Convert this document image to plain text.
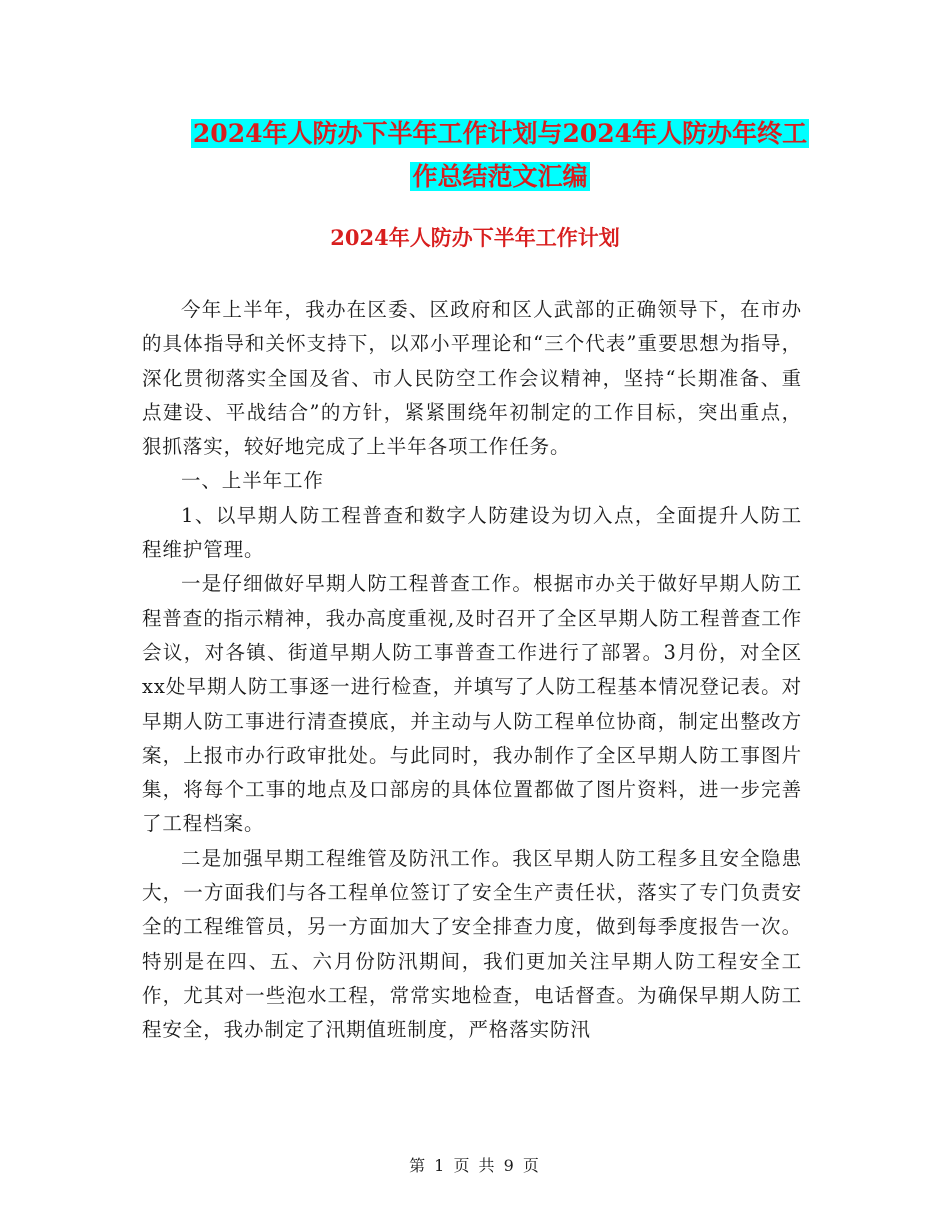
2024年人防办下半年工作计划与2024年人防办年终工
作总结范文汇编
2024年人防办下半年工作计划

今年上半年，我办在区委、区政府和区人武部的正确领导下，在市办的具体指导和关怀支持下，以邓小平理论和“三个代表”重要思想为指导，深化贯彻落实全国及省、市人民防空工作会议精神，坚持“长期准备、重点建设、平战结合”的方针，紧紧围绕年初制定的工作目标，突出重点，狠抓落实，较好地完成了上半年各项工作任务。

一、上半年工作

1、以早期人防工程普查和数字人防建设为切入点，全面提升人防工程维护管理。

一是仔细做好早期人防工程普查工作。根据市办关于做好早期人防工程普查的指示精神，我办高度重视,及时召开了全区早期人防工程普查工作会议，对各镇、街道早期人防工事普查工作进行了部署。3月份，对全区xx处早期人防工事逐一进行检查，并填写了人防工程基本情况登记表。对早期人防工事进行清查摸底，并主动与人防工程单位协商，制定出整改方案，上报市办行政审批处。与此同时，我办制作了全区早期人防工事图片集，将每个工事的地点及口部房的具体位置都做了图片资料，进一步完善了工程档案。

二是加强早期工程维管及防汛工作。我区早期人防工程多且安全隐患大，一方面我们与各工程单位签订了安全生产责任状，落实了专门负责安全的工程维管员，另一方面加大了安全排查力度，做到每季度报告一次。特别是在四、五、六月份防汛期间，我们更加关注早期人防工程安全工作，尤其对一些泡水工程，常常实地检查，电话督查。为确保早期人防工程安全，我办制定了汛期值班制度，严格落实防汛

第 1 页 共 9 页
